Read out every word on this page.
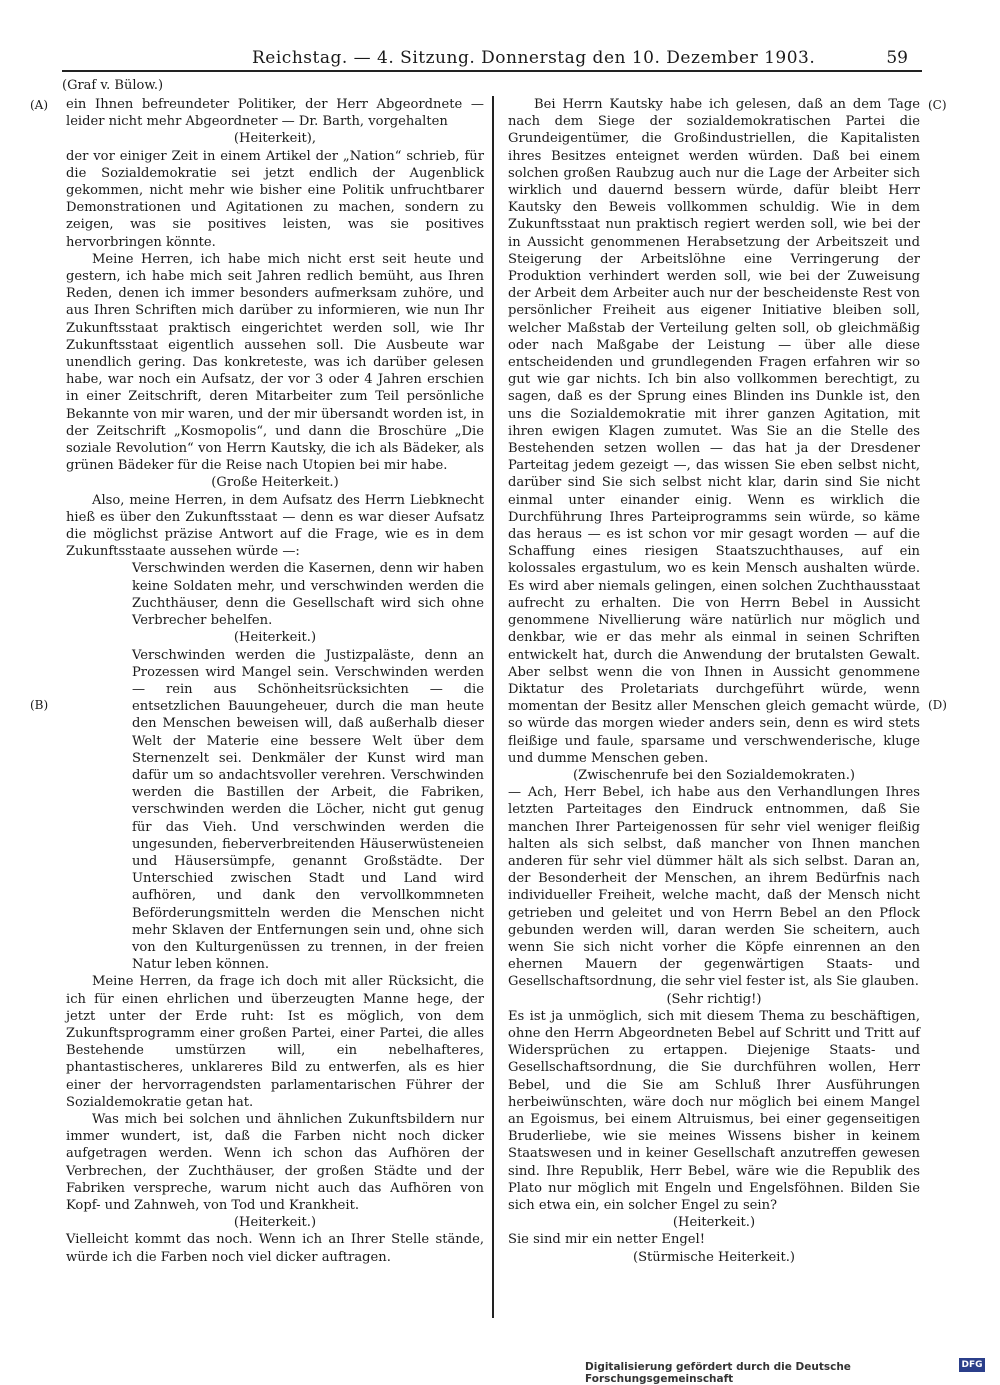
Reichstag. — 4. Sitzung. Donnerstag den 10. Dezember 1903.	59
(Graf v. Bülow.)
(A)
(B)
(C)
(D)

ein Ihnen befreundeter Politiker, der Herr Abgeordnete — leider nicht mehr Abgeordneter — Dr. Barth, vorgehalten

(Heiterkeit),

der vor einiger Zeit in einem Artikel der „Nation“ schrieb, für die Sozialdemokratie sei jetzt endlich der Augenblick gekommen, nicht mehr wie bisher eine Politik unfruchtbarer Demonstrationen und Agitationen zu machen, sondern zu zeigen, was sie positives leisten, was sie positives hervorbringen könnte.

Meine Herren, ich habe mich nicht erst seit heute und gestern, ich habe mich seit Jahren redlich bemüht, aus Ihren Reden, denen ich immer besonders aufmerksam zuhöre, und aus Ihren Schriften mich darüber zu informieren, wie nun Ihr Zukunftsstaat praktisch eingerichtet werden soll, wie Ihr Zukunftsstaat eigentlich aussehen soll. Die Ausbeute war unendlich gering. Das konkreteste, was ich darüber gelesen habe, war noch ein Aufsatz, der vor 3 oder 4 Jahren erschien in einer Zeitschrift, deren Mitarbeiter zum Teil persönliche Bekannte von mir waren, und der mir übersandt worden ist, in der Zeitschrift „Kosmopolis“, und dann die Broschüre „Die soziale Revolution“ von Herrn Kautsky, die ich als Bädeker, als grünen Bädeker für die Reise nach Utopien bei mir habe.

(Große Heiterkeit.)

Also, meine Herren, in dem Aufsatz des Herrn Liebknecht hieß es über den Zukunftsstaat — denn es war dieser Aufsatz die möglichst präzise Antwort auf die Frage, wie es in dem Zukunftsstaate aussehen würde —:

Verschwinden werden die Kasernen, denn wir haben keine Soldaten mehr, und verschwinden werden die Zuchthäuser, denn die Gesellschaft wird sich ohne Verbrecher behelfen.

(Heiterkeit.)

Verschwinden werden die Justizpaläste, denn an Prozessen wird Mangel sein. Verschwinden werden — rein aus Schönheitsrücksichten — die entsetzlichen Bauungeheuer, durch die man heute den Menschen beweisen will, daß außerhalb dieser Welt der Materie eine bessere Welt über dem Sternenzelt sei. Denkmäler der Kunst wird man dafür um so andachtsvoller verehren. Verschwinden werden die Bastillen der Arbeit, die Fabriken, verschwinden werden die Löcher, nicht gut genug für das Vieh. Und verschwinden werden die ungesunden, fieberverbreitenden Häuserwüsteneien und Häusersümpfe, genannt Großstädte. Der Unterschied zwischen Stadt und Land wird aufhören, und dank den vervollkommneten Beförderungsmitteln werden die Menschen nicht mehr Sklaven der Entfernungen sein und, ohne sich von den Kulturgenüssen zu trennen, in der freien Natur leben können.

Meine Herren, da frage ich doch mit aller Rücksicht, die ich für einen ehrlichen und überzeugten Manne hege, der jetzt unter der Erde ruht: Ist es möglich, von dem Zukunftsprogramm einer großen Partei, einer Partei, die alles Bestehende umstürzen will, ein nebelhafteres, phantastischeres, unklareres Bild zu entwerfen, als es hier einer der hervorragendsten parlamentarischen Führer der Sozialdemokratie getan hat.

Was mich bei solchen und ähnlichen Zukunftsbildern nur immer wundert, ist, daß die Farben nicht noch dicker aufgetragen werden. Wenn ich schon das Aufhören der Verbrechen, der Zuchthäuser, der großen Städte und der Fabriken verspreche, warum nicht auch das Aufhören von Kopf- und Zahnweh, von Tod und Krankheit.

(Heiterkeit.)

Vielleicht kommt das noch. Wenn ich an Ihrer Stelle stände, würde ich die Farben noch viel dicker auftragen.

Bei Herrn Kautsky habe ich gelesen, daß an dem Tage nach dem Siege der sozialdemokratischen Partei die Grundeigentümer, die Großindustriellen, die Kapitalisten ihres Besitzes enteignet werden würden. Daß bei einem solchen großen Raubzug auch nur die Lage der Arbeiter sich wirklich und dauernd bessern würde, dafür bleibt Herr Kautsky den Beweis vollkommen schuldig. Wie in dem Zukunftsstaat nun praktisch regiert werden soll, wie bei der in Aussicht genommenen Herabsetzung der Arbeitszeit und Steigerung der Arbeitslöhne eine Verringerung der Produktion verhindert werden soll, wie bei der Zuweisung der Arbeit dem Arbeiter auch nur der bescheidenste Rest von persönlicher Freiheit aus eigener Initiative bleiben soll, welcher Maßstab der Verteilung gelten soll, ob gleichmäßig oder nach Maßgabe der Leistung — über alle diese entscheidenden und grundlegenden Fragen erfahren wir so gut wie gar nichts. Ich bin also vollkommen berechtigt, zu sagen, daß es der Sprung eines Blinden ins Dunkle ist, den uns die Sozialdemokratie mit ihrer ganzen Agitation, mit ihren ewigen Klagen zumutet. Was Sie an die Stelle des Bestehenden setzen wollen — das hat ja der Dresdener Parteitag jedem gezeigt —, das wissen Sie eben selbst nicht, darüber sind Sie sich selbst nicht klar, darin sind Sie nicht einmal unter einander einig. Wenn es wirklich die Durchführung Ihres Parteiprogramms sein würde, so käme das heraus — es ist schon vor mir gesagt worden — auf die Schaffung eines riesigen Staatszuchthauses, auf ein kolossales ergastulum, wo es kein Mensch aushalten würde. Es wird aber niemals gelingen, einen solchen Zuchthausstaat aufrecht zu erhalten. Die von Herrn Bebel in Aussicht genommene Nivellierung wäre natürlich nur möglich und denkbar, wie er das mehr als einmal in seinen Schriften entwickelt hat, durch die Anwendung der brutalsten Gewalt. Aber selbst wenn die von Ihnen in Aussicht genommene Diktatur des Proletariats durchgeführt würde, wenn momentan der Besitz aller Menschen gleich gemacht würde, so würde das morgen wieder anders sein, denn es wird stets fleißige und faule, sparsame und verschwenderische, kluge und dumme Menschen geben.

(Zwischenrufe bei den Sozialdemokraten.)

— Ach, Herr Bebel, ich habe aus den Verhandlungen Ihres letzten Parteitages den Eindruck entnommen, daß Sie manchen Ihrer Parteigenossen für sehr viel weniger fleißig halten als sich selbst, daß mancher von Ihnen manchen anderen für sehr viel dümmer hält als sich selbst. Daran an, der Besonderheit der Menschen, an ihrem Bedürfnis nach individueller Freiheit, welche macht, daß der Mensch nicht getrieben und geleitet und von Herrn Bebel an den Pflock gebunden werden will, daran werden Sie scheitern, auch wenn Sie sich nicht vorher die Köpfe einrennen an den ehernen Mauern der gegenwärtigen Staats- und Gesellschaftsordnung, die sehr viel fester ist, als Sie glauben.

(Sehr richtig!)

Es ist ja unmöglich, sich mit diesem Thema zu beschäftigen, ohne den Herrn Abgeordneten Bebel auf Schritt und Tritt auf Widersprüchen zu ertappen. Diejenige Staats- und Gesellschaftsordnung, die Sie durchführen wollen, Herr Bebel, und die Sie am Schluß Ihrer Ausführungen herbeiwünschten, wäre doch nur möglich bei einem Mangel an Egoismus, bei einem Altruismus, bei einer gegenseitigen Bruderliebe, wie sie meines Wissens bisher in keinem Staatswesen und in keiner Gesellschaft anzutreffen gewesen sind. Ihre Republik, Herr Bebel, wäre wie die Republik des Plato nur möglich mit Engeln und Engelsföhnen. Bilden Sie sich etwa ein, ein solcher Engel zu sein?

(Heiterkeit.)

Sie sind mir ein netter Engel!

(Stürmische Heiterkeit.)

Digitalisierung gefördert durch die Deutsche Forschungsgemeinschaft
DFG
